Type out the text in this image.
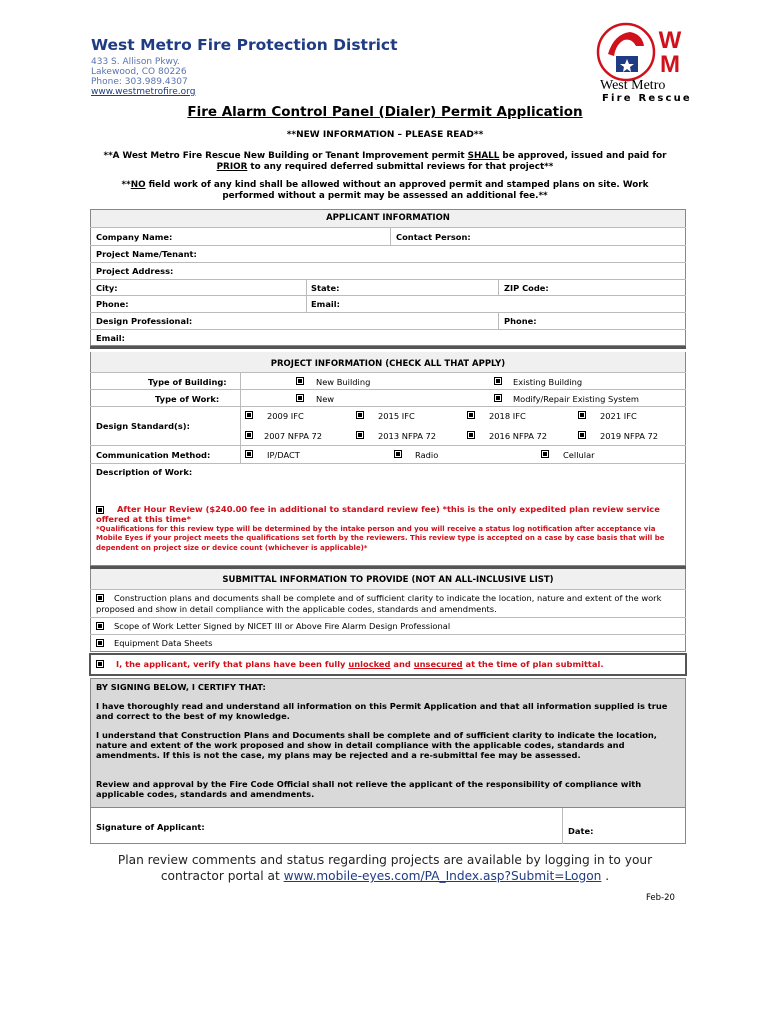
West Metro Fire Protection District
433 S. Allison Pkwy.
Lakewood, CO 80226
Phone: 303.989.4307
www.westmetrofire.org
W
M
West Metro
Fire Rescue
Fire Alarm Control Panel (Dialer) Permit Application
**NEW INFORMATION – PLEASE READ**
**A West Metro Fire Rescue New Building or Tenant Improvement permit SHALL be approved, issued and paid for
PRIOR to any required deferred submittal reviews for that project**
**NO field work of any kind shall be allowed without an approved permit and stamped plans on site. Work
performed without a permit may be assessed an additional fee.**
APPLICANT INFORMATION
Company Name:	Contact Person:
Project Name/Tenant:
Project Address:
City:	State:	ZIP Code:
Phone:	Email:
Design Professional:	Phone:
Email:
PROJECT INFORMATION (CHECK ALL THAT APPLY)
Type of Building:	New Building	Existing Building
Type of Work:	New	Modify/Repair Existing System
Design Standard(s):
2009 IFC	2015 IFC	2018 IFC	2021 IFC
2007 NFPA 72	2013 NFPA 72	2016 NFPA 72	2019 NFPA 72
Communication Method:	IP/DACT	Radio	Cellular
Description of Work:
After Hour Review ($240.00 fee in additional to standard review fee) *this is the only expedited plan review service offered at this time*
*Qualifications for this review type will be determined by the intake person and you will receive a status log notification after acceptance via Mobile Eyes if your project meets the qualifications set forth by the reviewers. This review type is accepted on a case by case basis that will be dependent on project size or device count (whichever is applicable)*
SUBMITTAL INFORMATION TO PROVIDE (NOT AN ALL-INCLUSIVE LIST)
Construction plans and documents shall be complete and of sufficient clarity to indicate the location, nature and extent of the work proposed and show in detail compliance with the applicable codes, standards and amendments.
Scope of Work Letter Signed by NICET III or Above Fire Alarm Design Professional
Equipment Data Sheets
I, the applicant, verify that plans have been fully unlocked and unsecured at the time of plan submittal.
BY SIGNING BELOW, I CERTIFY THAT:
I have thoroughly read and understand all information on this Permit Application and that all information supplied is true and correct to the best of my knowledge.
I understand that Construction Plans and Documents shall be complete and of sufficient clarity to indicate the location, nature and extent of the work proposed and show in detail compliance with the applicable codes, standards and amendments. If this is not the case, my plans may be rejected and a re-submittal fee may be assessed.
Review and approval by the Fire Code Official shall not relieve the applicant of the responsibility of compliance with applicable codes, standards and amendments.
Signature of Applicant:	Date:
Plan review comments and status regarding projects are available by logging in to your
contractor portal at www.mobile-eyes.com/PA_Index.asp?Submit=Logon .
Feb-20
